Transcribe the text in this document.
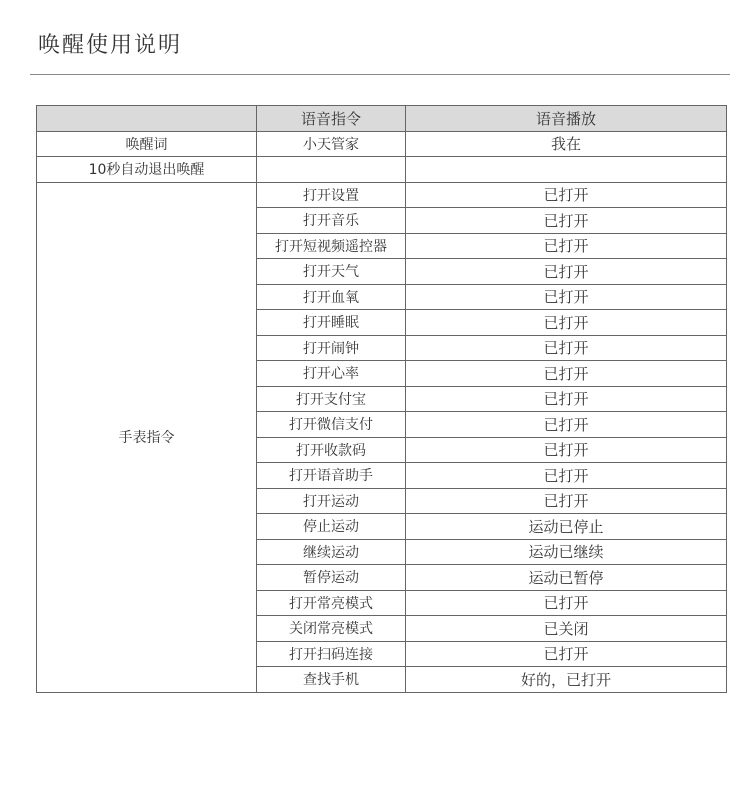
唤醒使用说明
	语音指令	语音播放
唤醒词	小天管家	我在
10秒自动退出唤醒		
手表指令	打开设置	已打开
	打开音乐	已打开
	打开短视频遥控器	已打开
	打开天气	已打开
	打开血氧	已打开
	打开睡眠	已打开
	打开闹钟	已打开
	打开心率	已打开
	打开支付宝	已打开
	打开微信支付	已打开
	打开收款码	已打开
	打开语音助手	已打开
	打开运动	已打开
	停止运动	运动已停止
	继续运动	运动已继续
	暂停运动	运动已暂停
	打开常亮模式	已打开
	关闭常亮模式	已关闭
	打开扫码连接	已打开
	查找手机	好的，已打开
